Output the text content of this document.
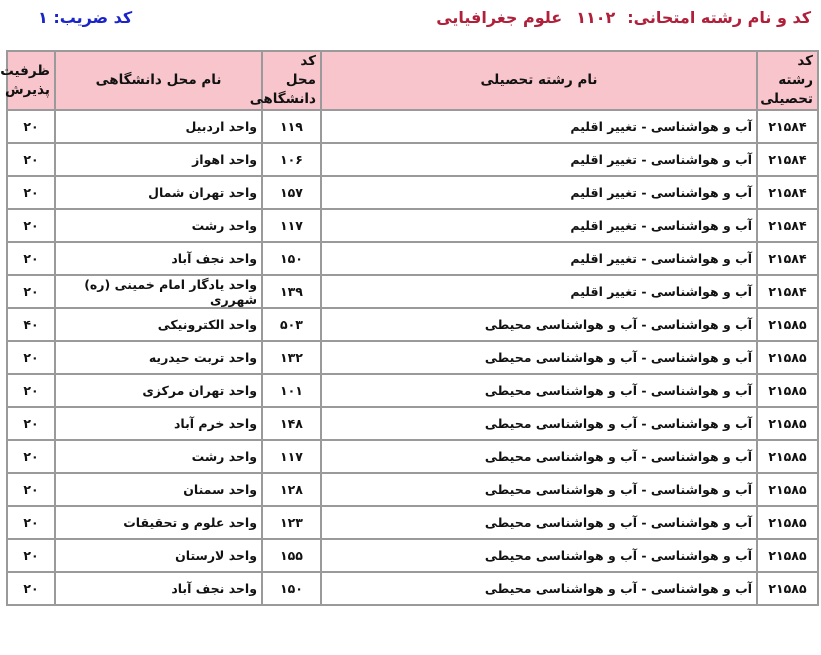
کد و نام رشته امتحانی:۱۱۰۲علوم جغرافیایی
کد ضریب: ۱
کد رشته تحصیلی	نام رشته تحصیلی	کد محل دانشگاهی	نام محل دانشگاهی	ظرفیت پذیرش
۲۱۵۸۴	آب و هواشناسی - تغییر اقلیم	۱۱۹	واحد اردبیل	۲۰
۲۱۵۸۴	آب و هواشناسی - تغییر اقلیم	۱۰۶	واحد اهواز	۲۰
۲۱۵۸۴	آب و هواشناسی - تغییر اقلیم	۱۵۷	واحد تهران شمال	۲۰
۲۱۵۸۴	آب و هواشناسی - تغییر اقلیم	۱۱۷	واحد رشت	۲۰
۲۱۵۸۴	آب و هواشناسی - تغییر اقلیم	۱۵۰	واحد نجف آباد	۲۰
۲۱۵۸۴	آب و هواشناسی - تغییر اقلیم	۱۳۹	واحد یادگار امام خمینی (ره) شهرری	۲۰
۲۱۵۸۵	آب و هواشناسی - آب و هواشناسی محیطی	۵۰۳	واحد الکترونیکی	۴۰
۲۱۵۸۵	آب و هواشناسی - آب و هواشناسی محیطی	۱۳۲	واحد تربت حیدریه	۲۰
۲۱۵۸۵	آب و هواشناسی - آب و هواشناسی محیطی	۱۰۱	واحد تهران مرکزی	۲۰
۲۱۵۸۵	آب و هواشناسی - آب و هواشناسی محیطی	۱۴۸	واحد خرم آباد	۲۰
۲۱۵۸۵	آب و هواشناسی - آب و هواشناسی محیطی	۱۱۷	واحد رشت	۲۰
۲۱۵۸۵	آب و هواشناسی - آب و هواشناسی محیطی	۱۲۸	واحد سمنان	۲۰
۲۱۵۸۵	آب و هواشناسی - آب و هواشناسی محیطی	۱۲۳	واحد علوم و تحقیقات	۲۰
۲۱۵۸۵	آب و هواشناسی - آب و هواشناسی محیطی	۱۵۵	واحد لارستان	۲۰
۲۱۵۸۵	آب و هواشناسی - آب و هواشناسی محیطی	۱۵۰	واحد نجف آباد	۲۰
